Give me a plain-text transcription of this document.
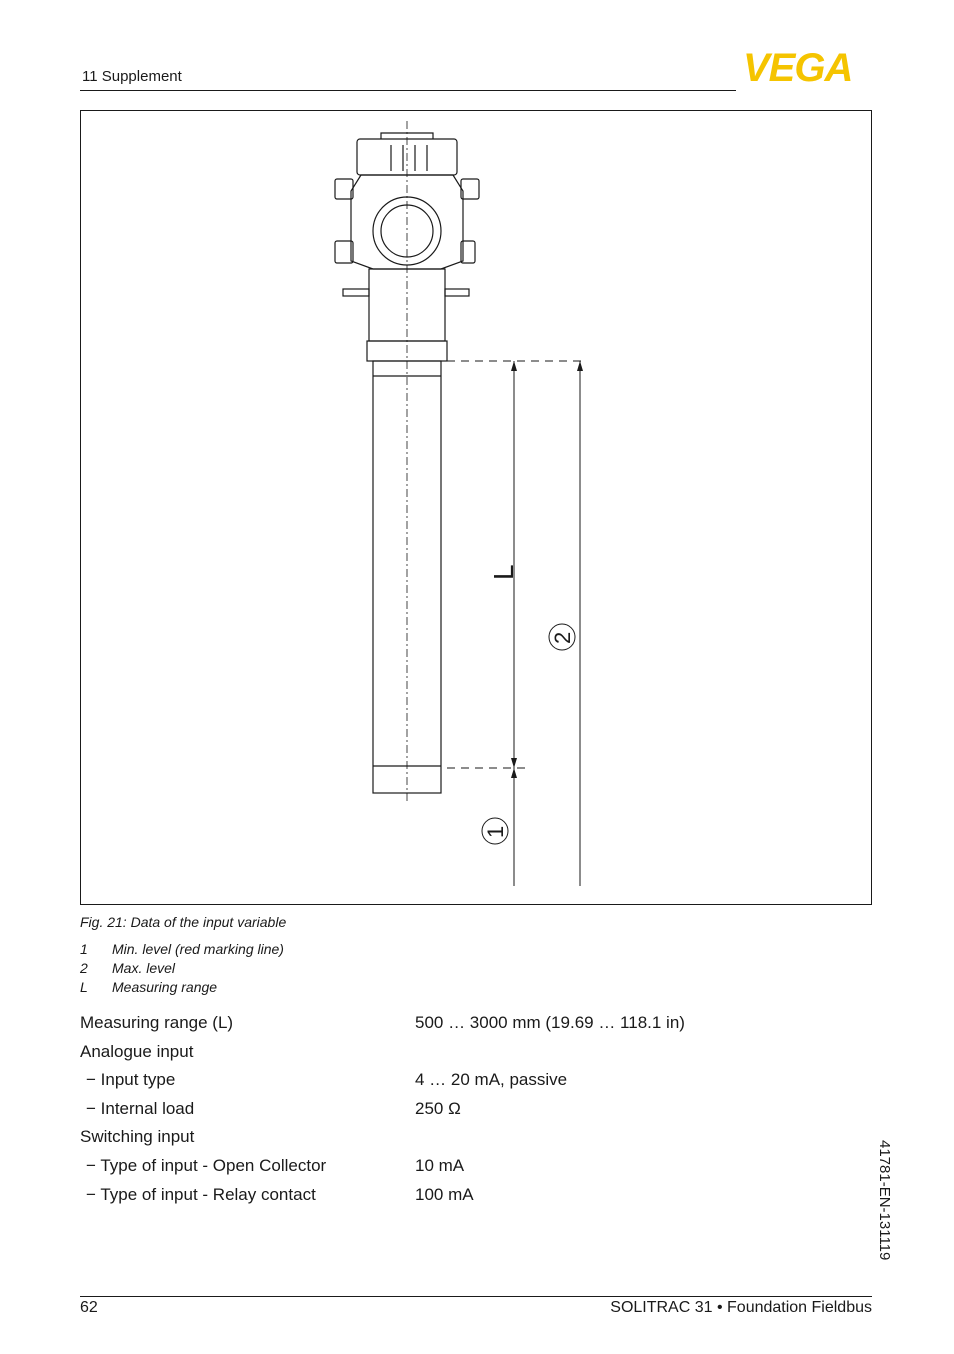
11 Supplement	VEGA
L
2
1
Fig. 21: Data of the input variable
1	Min. level (red marking line)
2	Max. level
L	Measuring range
Measuring range (L)	500 … 3000 mm (19.69 … 118.1 in)
Analogue input
− Input type	4 … 20 mA, passive
− Internal load	250 Ω
Switching input
− Type of input - Open Collector	10 mA
− Type of input - Relay contact	100 mA	41781-EN-131119
62	SOLITRAC 31 • Foundation Fieldbus
